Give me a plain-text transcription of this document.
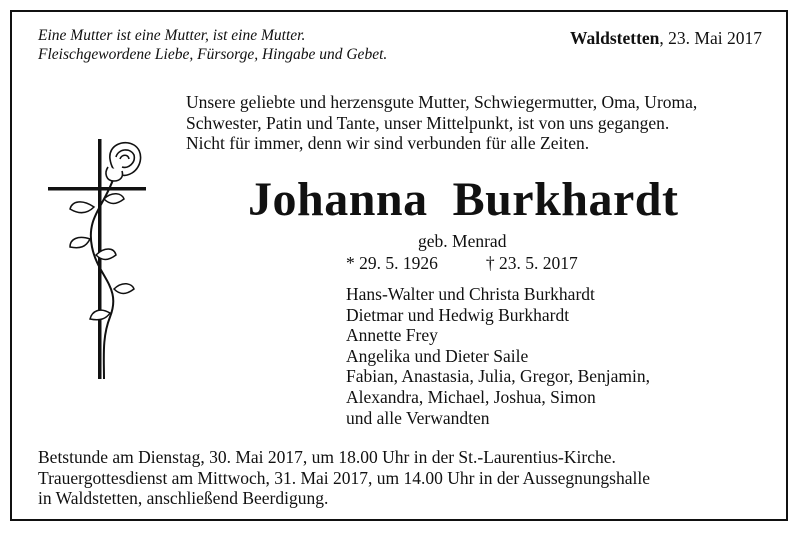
Eine Mutter ist eine Mutter, ist eine Mutter.
Fleischgewordene Liebe, Fürsorge, Hingabe und Gebet.
Waldstetten, 23. Mai 2017
Unsere geliebte und herzensgute Mutter, Schwiegermutter, Oma, Uroma,
Schwester, Patin und Tante, unser Mittelpunkt, ist von uns gegangen.
Nicht für immer, denn wir sind verbunden für alle Zeiten.
Johanna  Burkhardt
geb. Menrad
* 29. 5. 1926	† 23. 5. 2017
Hans-Walter und Christa Burkhardt
Dietmar und Hedwig Burkhardt
Annette Frey
Angelika und Dieter Saile
Fabian, Anastasia, Julia, Gregor, Benjamin,
Alexandra, Michael, Joshua, Simon
und alle Verwandten
Betstunde am Dienstag, 30. Mai 2017, um 18.00 Uhr in der St.-Laurentius-Kirche.
Trauergottesdienst am Mittwoch, 31. Mai 2017, um 14.00 Uhr in der Aussegnungshalle
in Waldstetten, anschließend Beerdigung.
